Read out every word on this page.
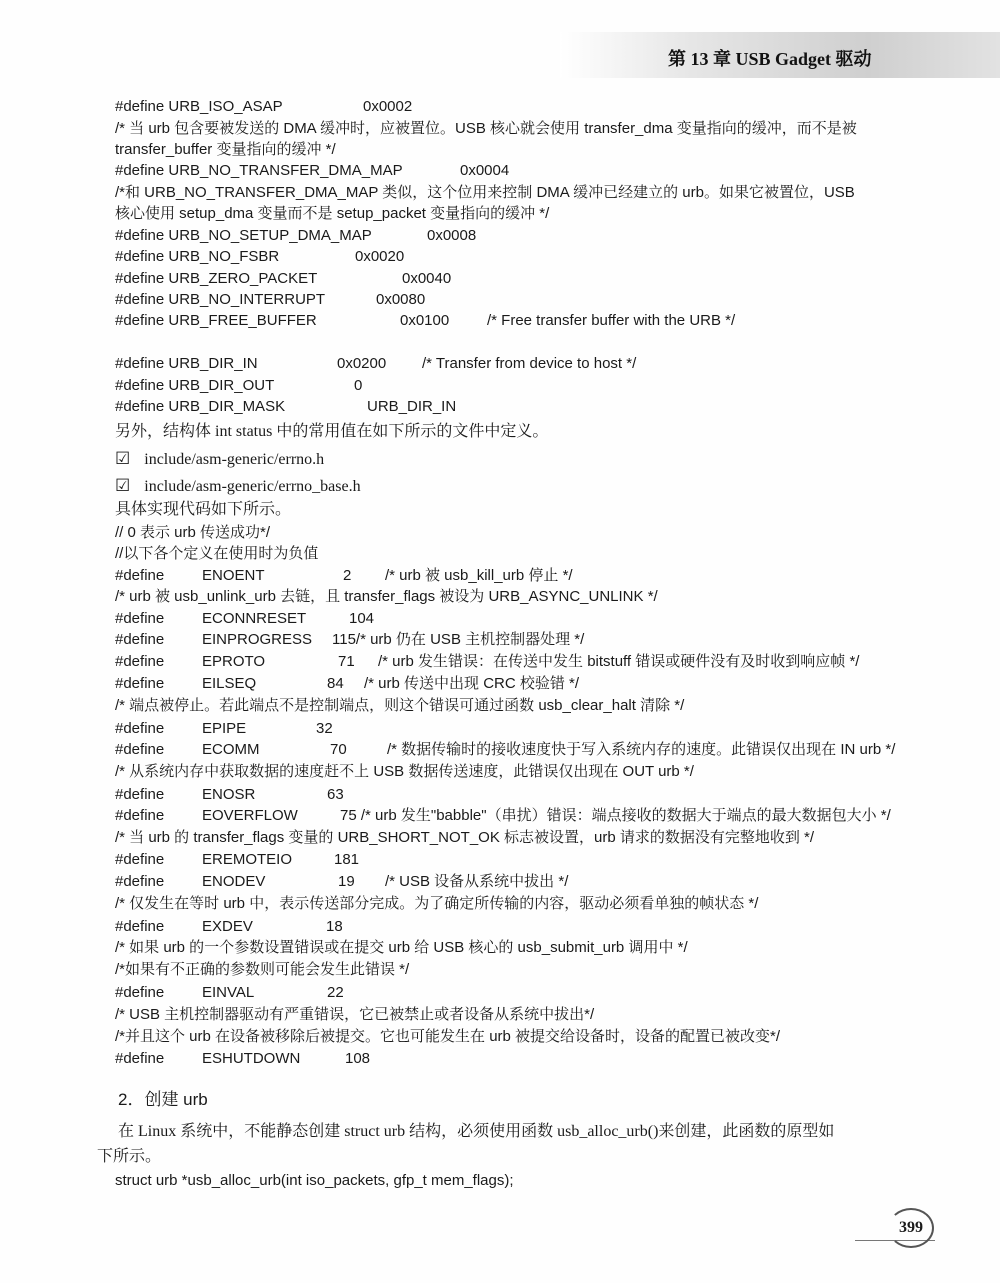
第 13 章 USB Gadget 驱动
#define URB_ISO_ASAP	0x0002
/* 当 urb 包含要被发送的 DMA 缓冲时，应被置位。USB 核心就会使用 transfer_dma 变量指向的缓冲，而不是被
transfer_buffer 变量指向的缓冲 */
#define URB_NO_TRANSFER_DMA_MAP	0x0004
/*和 URB_NO_TRANSFER_DMA_MAP 类似，这个位用来控制 DMA 缓冲已经建立的 urb。如果它被置位，USB
核心使用 setup_dma 变量而不是 setup_packet 变量指向的缓冲 */
#define URB_NO_SETUP_DMA_MAP	0x0008
#define URB_NO_FSBR	0x0020
#define URB_ZERO_PACKET	0x0040
#define URB_NO_INTERRUPT	0x0080
#define URB_FREE_BUFFER	0x0100	/* Free transfer buffer with the URB */
#define URB_DIR_IN	0x0200 /* Transfer from device to host */
#define URB_DIR_OUT	0
#define URB_DIR_MASK	URB_DIR_IN
// 0 表示 urb 传送成功*/
//以下各个定义在使用时为负值
#define	ENOENT	2 /* urb 被 usb_kill_urb 停止 */
/* urb 被 usb_unlink_urb 去链，且 transfer_flags 被设为 URB_ASYNC_UNLINK */
#define	ECONNRESET	104
#define	EINPROGRESS 115/* urb 仍在 USB 主机控制器处理 */
#define	EPROTO	71 /* urb 发生错误：在传送中发生 bitstuff 错误或硬件没有及时收到响应帧 */
#define	EILSEQ	84 /* urb 传送中出现 CRC 校验错 */
/* 端点被停止。若此端点不是控制端点，则这个错误可通过函数 usb_clear_halt 清除 */
#define	EPIPE	32
#define	ECOMM	70	/* 数据传输时的接收速度快于写入系统内存的速度。此错误仅出现在 IN urb */
/* 从系统内存中获取数据的速度赶不上 USB 数据传送速度，此错误仅出现在 OUT urb */
#define	ENOSR	63
#define	EOVERFLOW	75 /* urb 发生"babble"（串扰）错误：端点接收的数据大于端点的最大数据包大小 */
/* 当 urb 的 transfer_flags 变量的 URB_SHORT_NOT_OK 标志被设置，urb 请求的数据没有完整地收到 */
#define	EREMOTEIO	181
#define	ENODEV	19 /* USB 设备从系统中拔出 */
/* 仅发生在等时 urb 中，表示传送部分完成。为了确定所传输的内容，驱动必须看单独的帧状态 */
#define	EXDEV	18
/* 如果 urb 的一个参数设置错误或在提交 urb 给 USB 核心的 usb_submit_urb 调用中 */
/*如果有不正确的参数则可能会发生此错误 */
#define	EINVAL	22
/* USB 主机控制器驱动有严重错误，它已被禁止或者设备从系统中拔出*/
/*并且这个 urb 在设备被移除后被提交。它也可能发生在 urb 被提交给设备时，设备的配置已被改变*/
#define	ESHUTDOWN	108
另外，结构体 int status 中的常用值在如下所示的文件中定义。
☑ include/asm-generic/errno.h
☑ include/asm-generic/errno_base.h
具体实现代码如下所示。
2．创建 urb
在 Linux 系统中，不能静态创建 struct urb 结构，必须使用函数 usb_alloc_urb()来创建，此函数的原型如
下所示。
struct urb *usb_alloc_urb(int iso_packets, gfp_t mem_flags);
399
